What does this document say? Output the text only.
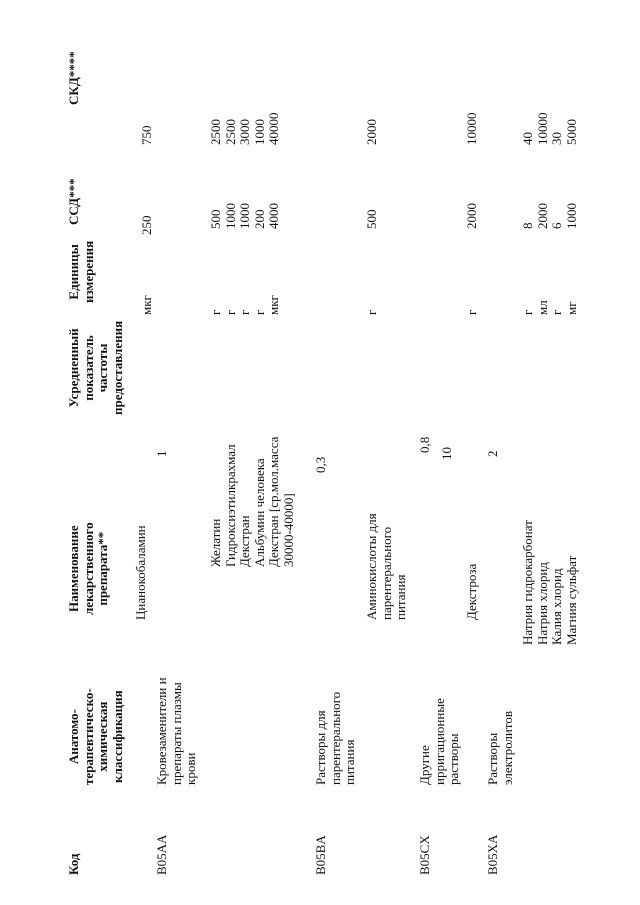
10
Код
Анатомо- терапевтическо- химическая классификация
Наименование лекарственного препарата**
Усредненный показатель частоты предоставления
Единицы измерения
ССД***
СКД****
B05AA
Кровезаменители и препараты плазмы крови
1
Цианокобаламин
мкг
250
750
Желатин Гидроксиэтилкрахмал Декстран Альбумин человека Декстран [ср.мол.масса 30000-40000]
г г г г мкг
500 1000 1000 200 4000
2500 2500 3000 1000 40000
B05BA
Растворы для парентерального питания
0,3
Аминокислоты для парентерального питания
г
500
2000
B05CX
Другие ирригационные растворы
0,8
Декстроза
г
2000
10000
B05XA
Растворы электролитов
2
Натрия гидрокарбонат Натрия хлорид Калия хлорид Магния сульфат
г мл г мг
8 2000 6 1000
40 10000 30 5000
